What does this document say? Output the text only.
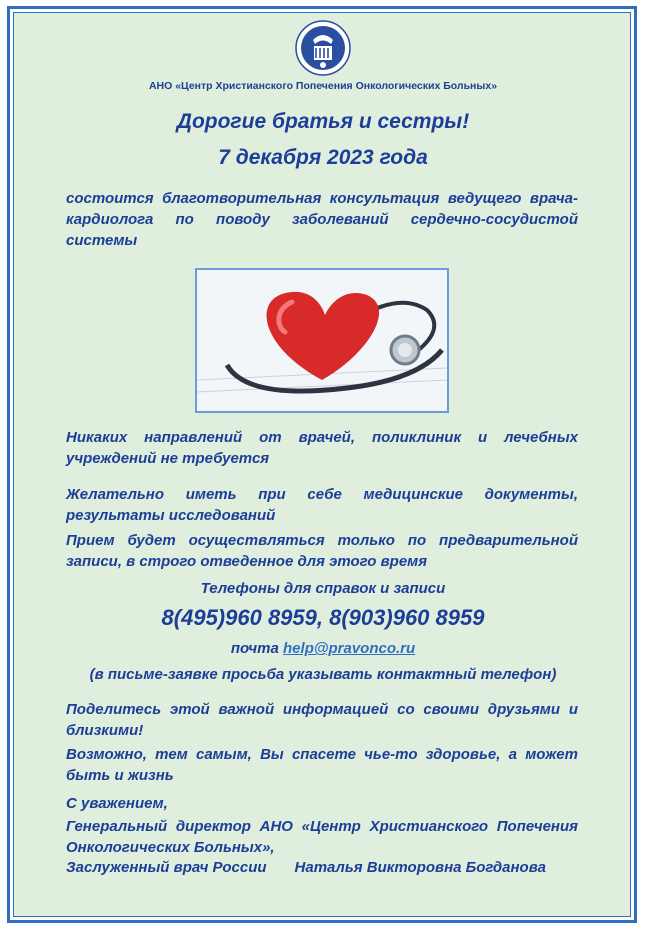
АНО «Центр Христианского Попечения Онкологических Больных»
Дорогие братья и сестры!
7 декабря 2023 года
состоится благотворительная консультация ведущего врача-кардиолога по поводу заболеваний сердечно-сосудистой системы
Никаких направлений от врачей, поликлиник и лечебных учреждений не требуется
Желательно иметь при себе медицинские документы, результаты исследований
Прием будет осуществляться только по предварительной записи, в строго отведенное для этого время
Телефоны для справок и записи
8(495)960 8959, 8(903)960 8959
почта help@pravonco.ru
(в письме-заявке просьба указывать контактный телефон)
Поделитесь этой важной информацией со своими друзьями и близкими!
Возможно, тем самым, Вы спасете чье-то здоровье, а может быть и жизнь
С уважением,
Генеральный директор АНО «Центр Христианского Попечения Онкологических Больных»,
Заслуженный врач России Наталья Викторовна Богданова
